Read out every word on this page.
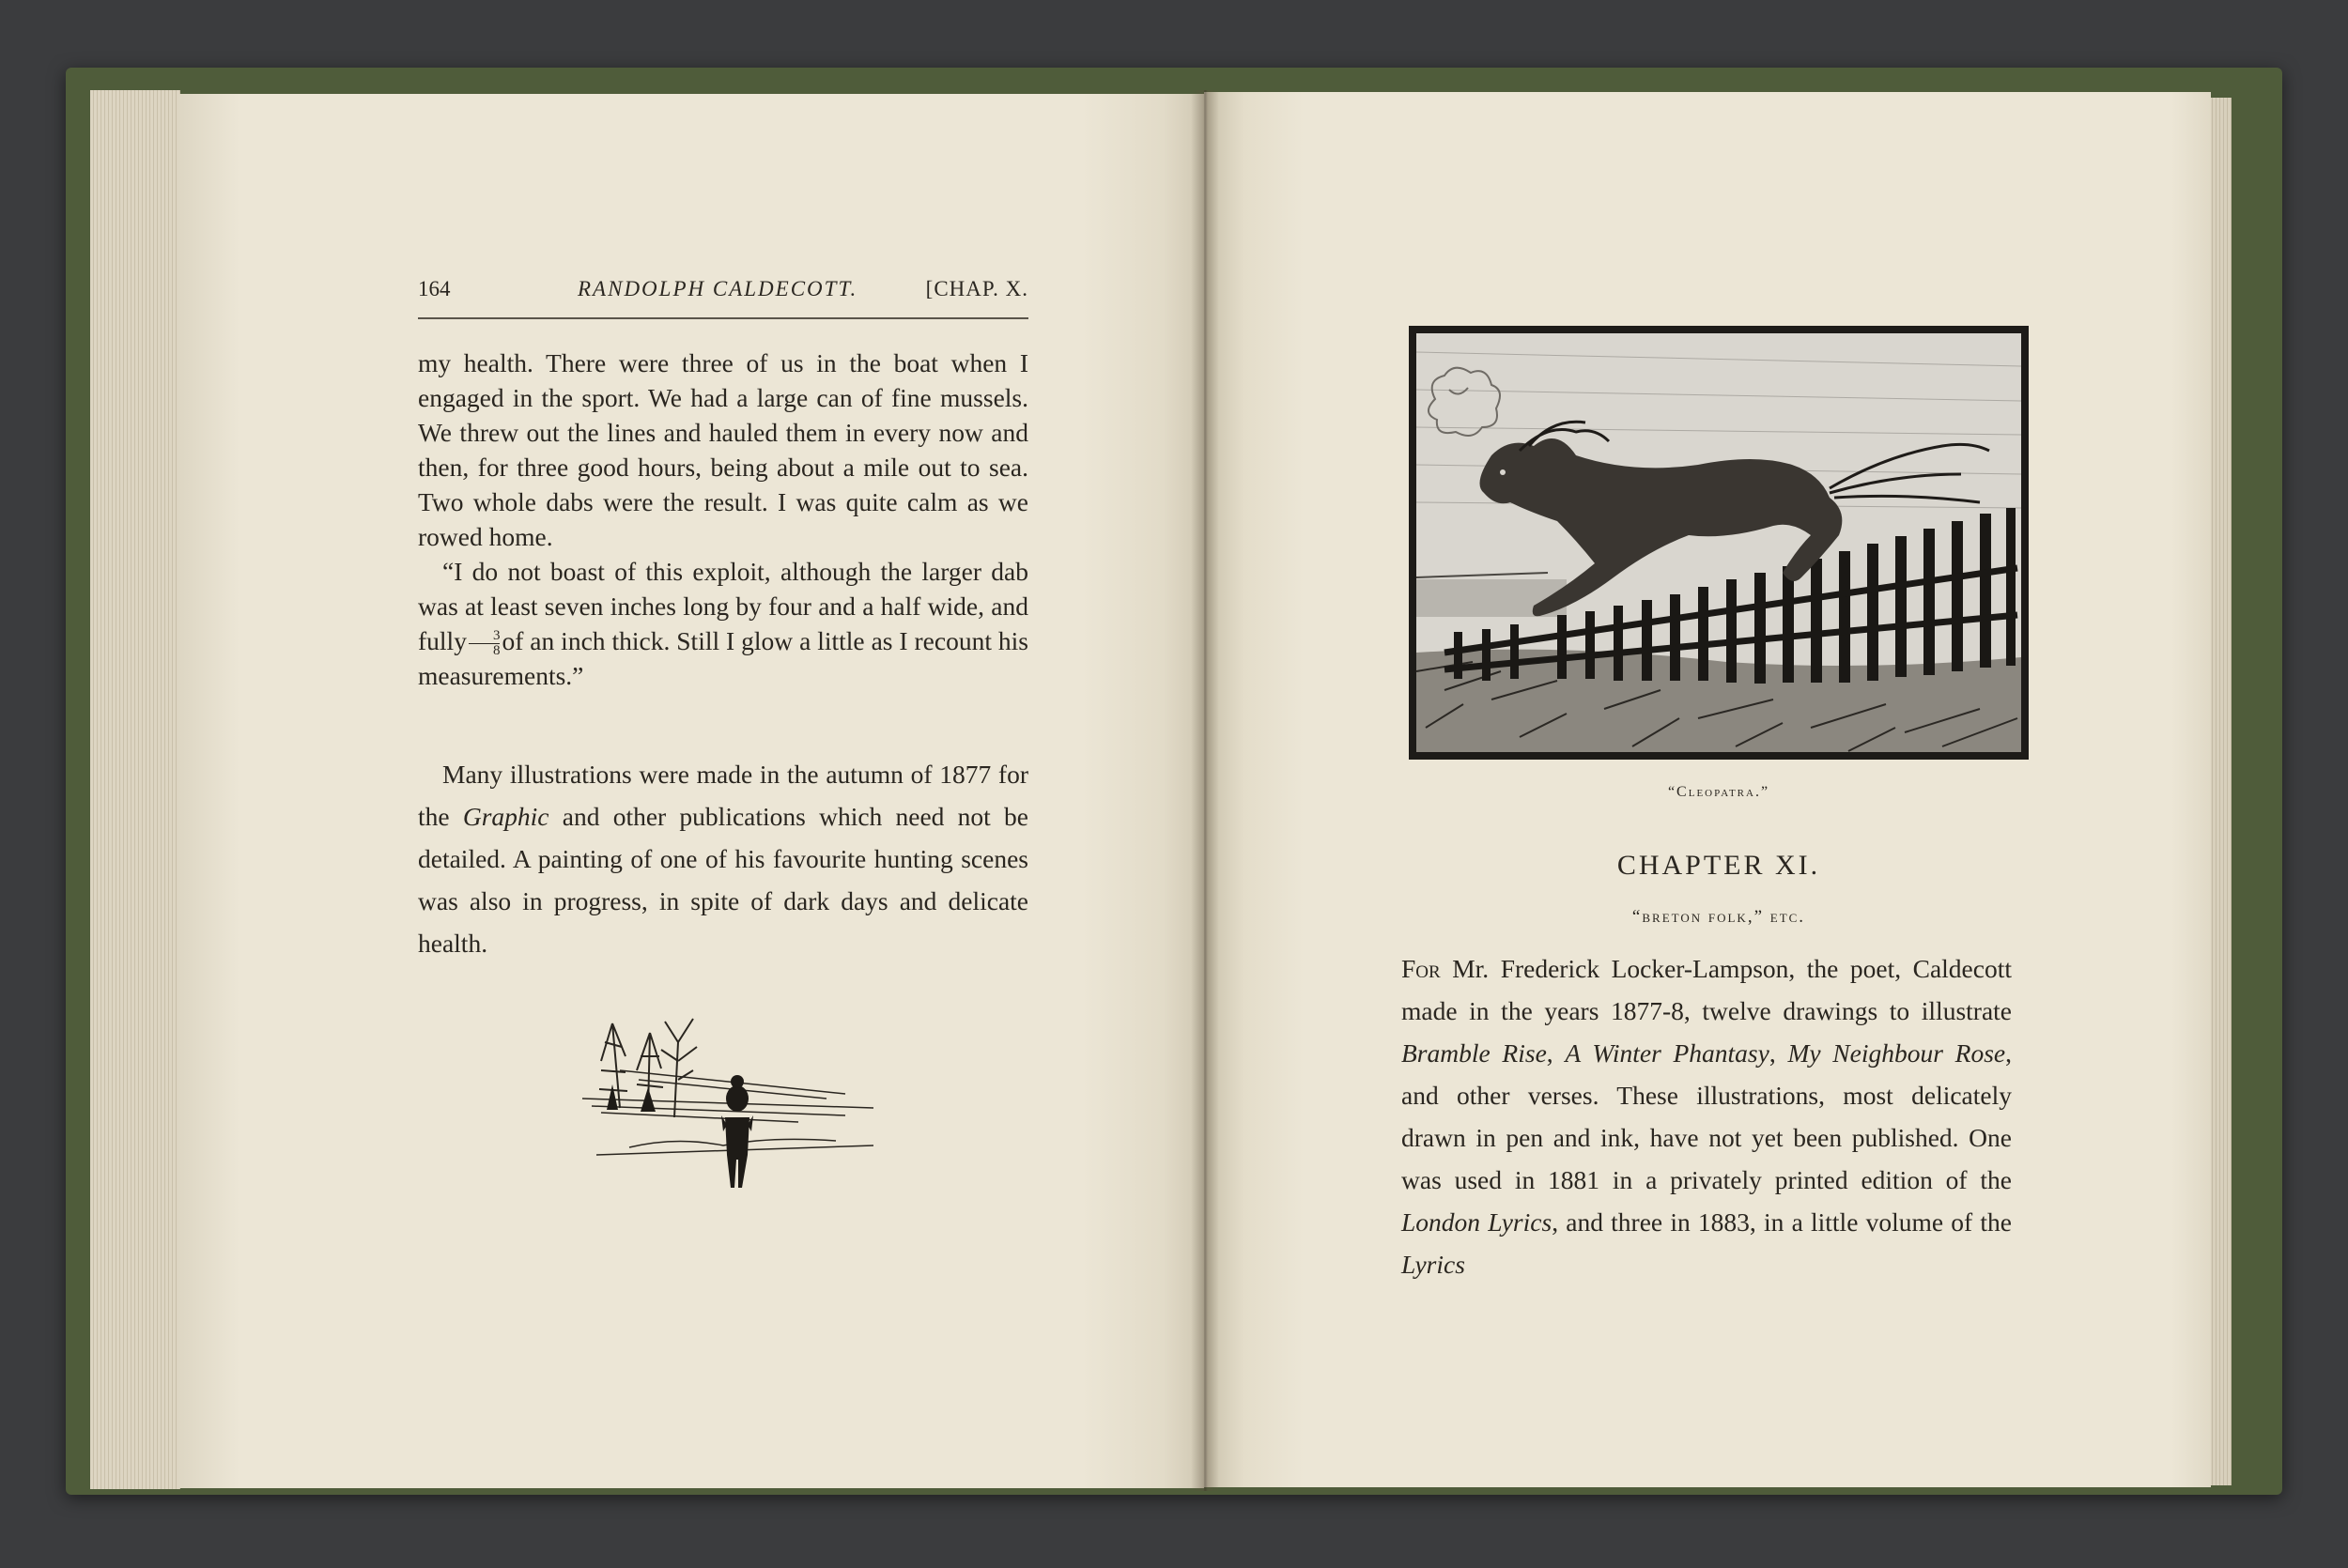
164	RANDOLPH CALDECOTT.	[CHAP. X.
my health. There were three of us in the boat when I engaged in the sport. We had a large can of fine mussels. We threw out the lines and hauled them in every now and then, for three good hours, being about a mile out to sea. Two whole dabs were the result. I was quite calm as we rowed home.
“I do not boast of this exploit, although the larger dab was at least seven inches long by four and a half wide, and fully $\frac{3}{8}$ of an inch thick. Still I glow a little as I recount his measurements.”
Many illustrations were made in the autumn of 1877 for the Graphic and other publications which need not be detailed. A painting of one of his favourite hunting scenes was also in progress, in spite of dark days and delicate health.
“Cleopatra.”
CHAPTER XI.
“breton folk,” etc.
For Mr. Frederick Locker-Lampson, the poet, Caldecott made in the years 1877-8, twelve drawings to illustrate Bramble Rise, A Winter Phantasy, My Neighbour Rose, and other verses. These illustrations, most delicately drawn in pen and ink, have not yet been published. One was used in 1881 in a privately printed edition of the London Lyrics, and three in 1883, in a little volume of the Lyrics
